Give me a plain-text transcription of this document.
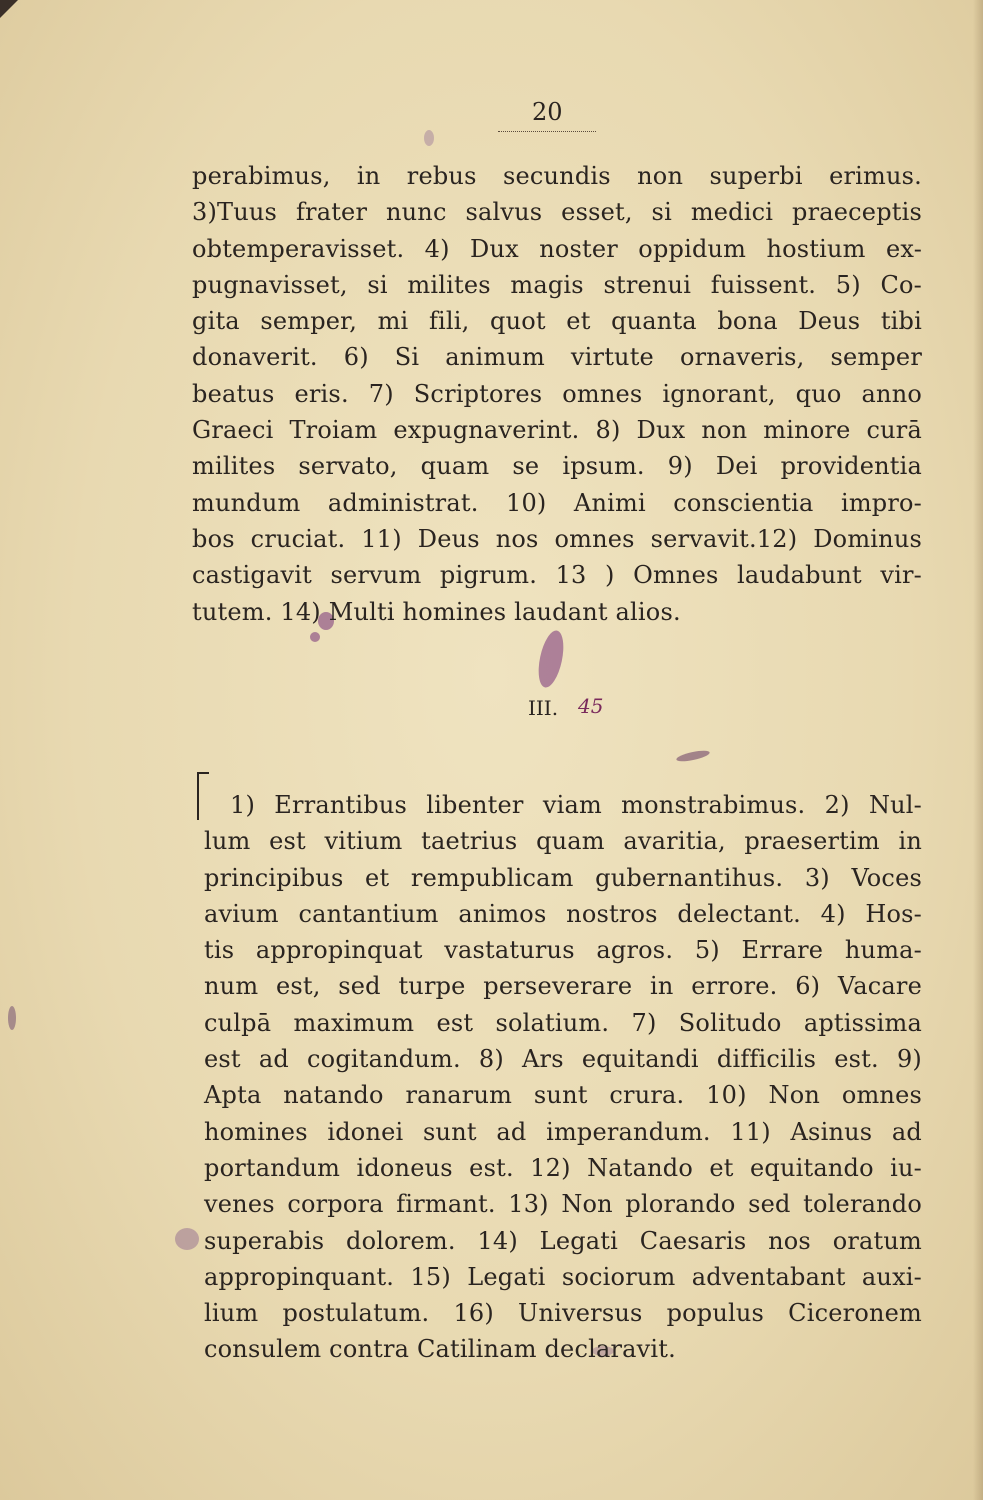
20

perabimus, in rebus secundis non superbi erimus.

3)Tuus frater nunc salvus esset, si medici praeceptis

obtemperavisset. 4) Dux noster oppidum hostium ex-

pugnavisset, si milites magis strenui fuissent. 5) Co-

gita semper, mi fili, quot et quanta bona Deus tibi

donaverit. 6) Si animum virtute ornaveris, semper

beatus eris. 7) Scriptores omnes ignorant, quo anno

Graeci Troiam expugnaverint. 8) Dux non minore curā

milites servato, quam se ipsum. 9) Dei providentia

mundum administrat. 10) Animi conscientia impro-

bos cruciat. 11) Deus nos omnes servavit.12) Dominus

castigavit servum pigrum. 13 ) Omnes laudabunt vir-

tutem. 14) Multi homines laudant alios.

III. 45

1) Errantibus libenter viam monstrabimus. 2) Nul-

lum est vitium taetrius quam avaritia, praesertim in

principibus et rempublicam gubernantihus. 3) Voces

avium cantantium animos nostros delectant. 4) Hos-

tis appropinquat vastaturus agros. 5) Errare huma-

num est, sed turpe perseverare in errore. 6) Vacare

culpā maximum est solatium. 7) Solitudo aptissima

est ad cogitandum. 8) Ars equitandi difficilis est. 9)

Apta natando ranarum sunt crura. 10) Non omnes

homines idonei sunt ad imperandum. 11) Asinus ad

portandum idoneus est. 12) Natando et equitando iu-

venes corpora firmant. 13) Non plorando sed tolerando

superabis dolorem. 14) Legati Caesaris nos oratum

appropinquant. 15) Legati sociorum adventabant auxi-

lium postulatum. 16) Universus populus Ciceronem

consulem contra Catilinam declaravit.
